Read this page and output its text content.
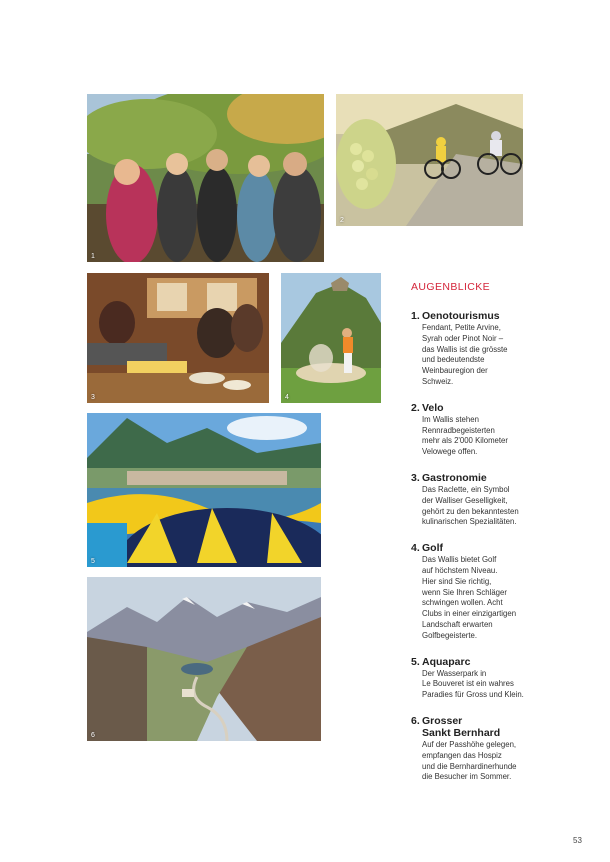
1
2
3	4
5
6
AUGENBLICKE
1. Oenotourismus
Fendant, Petite Arvine,
Syrah oder Pinot Noir –
das Wallis ist die grösste
und bedeutendste
Weinbauregion der
Schweiz.
2. Velo
Im Wallis stehen
Rennradbegeisterten
mehr als 2'000 Kilometer
Velowege offen.
3. Gastronomie
Das Raclette, ein Symbol
der Walliser Geselligkeit,
gehört zu den bekanntesten
kulinarischen Spezialitäten.
4. Golf
Das Wallis bietet Golf
auf höchstem Niveau.
Hier sind Sie richtig,
wenn Sie Ihren Schläger
schwingen wollen. Acht
Clubs in einer einzigartigen
Landschaft erwarten
Golfbegeisterte.
5. Aquaparc
Der Wasserpark in
Le Bouveret ist ein wahres
Paradies für Gross und Klein.
6. Grosser
Sankt Bernhard
Auf der Passhöhe gelegen,
empfangen das Hospiz
und die Bernhardinerhunde
die Besucher im Sommer.
53
